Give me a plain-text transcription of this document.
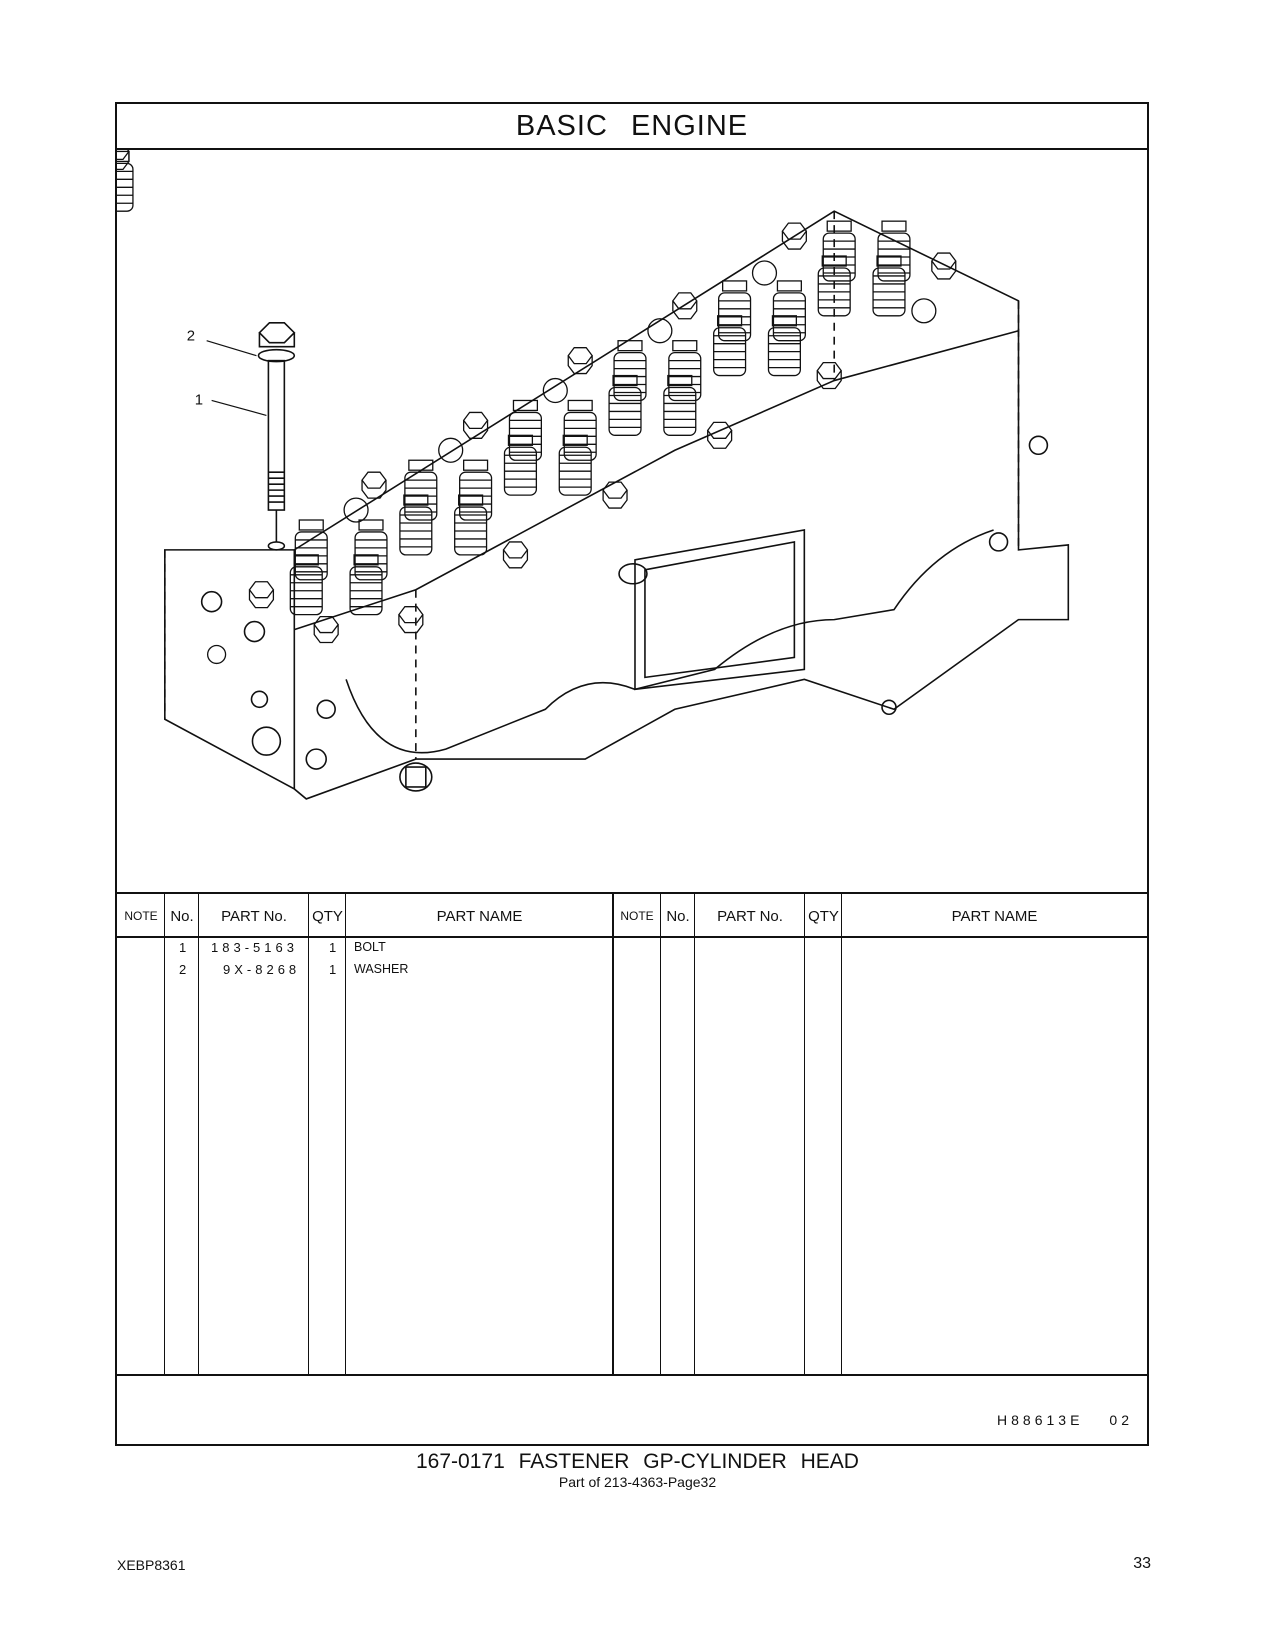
BASIC ENGINE
2
1
NOTE No.	PART No.	QTY	PART NAME	NOTE No.	PART No.	QTY	PART NAME
1 183-5163 1 BOLT
2	9X-8268 1 WASHER
H88613E 02
167-0171 FASTENER GP-CYLINDER HEAD
Part of 213-4363-Page32
XEBP8361	33
